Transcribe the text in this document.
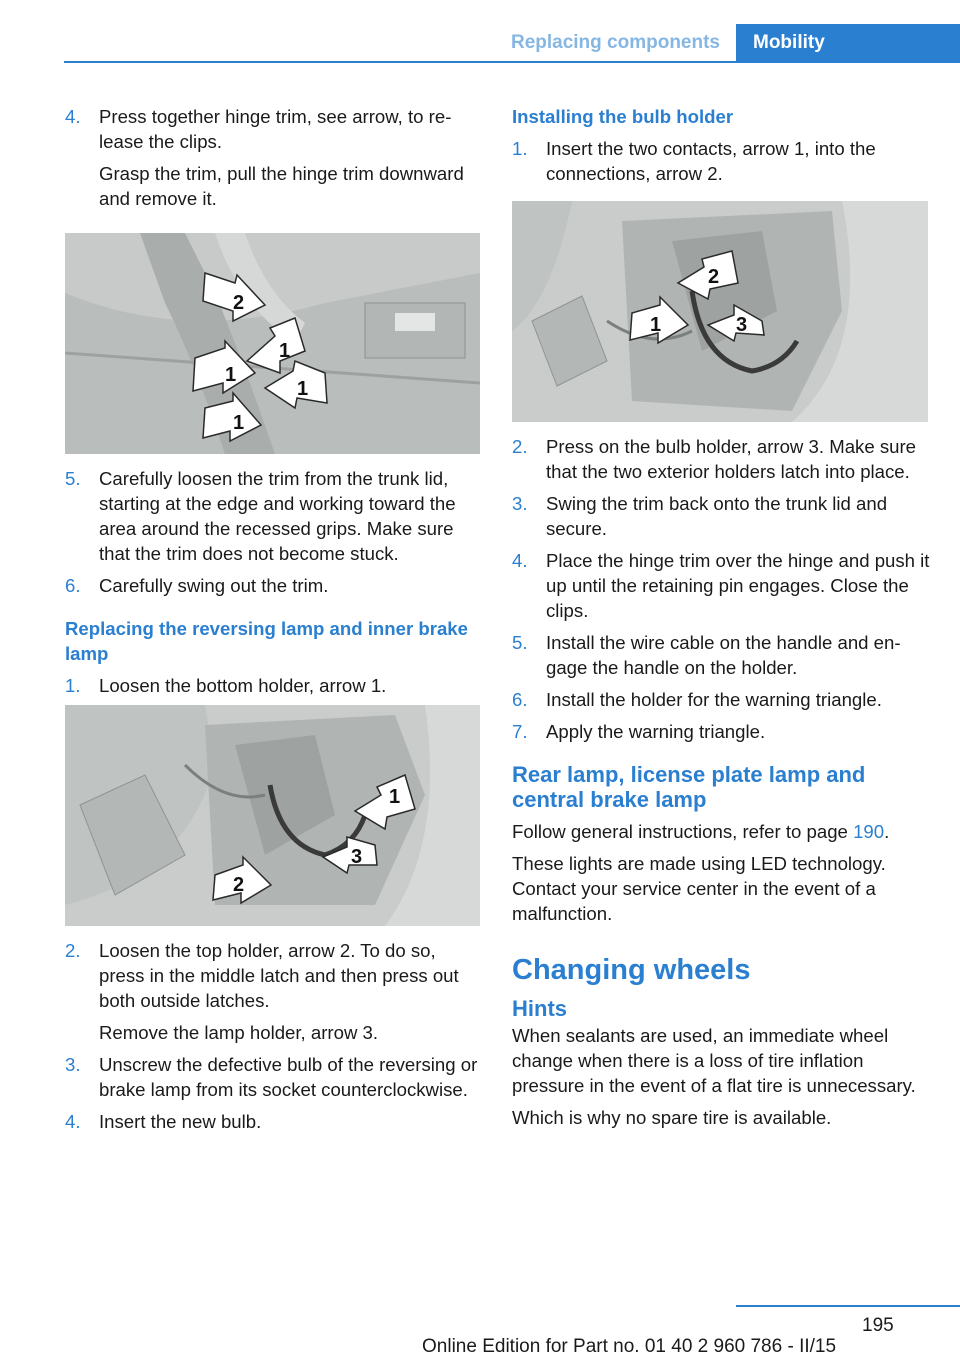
Replacing components	Mobility
4. Press together hinge trim, see arrow, to release the clips.

Grasp the trim, pull the hinge trim downward and remove it.

2
1
1
1
1
5. Carefully loosen the trim from the trunk lid, starting at the edge and working toward the area around the recessed grips. Make sure that the trim does not become stuck.
6. Carefully swing out the trim.
Replacing the reversing lamp and inner brake lamp
1. Loosen the bottom holder, arrow 1.
1
2
3
2. Loosen the top holder, arrow 2. To do so, press in the middle latch and then press out both outside latches.

Remove the lamp holder, arrow 3.

3. Unscrew the defective bulb of the reversing or brake lamp from its socket counterclockwise.
4. Insert the new bulb.
Installing the bulb holder
1. Insert the two contacts, arrow 1, into the connections, arrow 2.
2
1	3
2. Press on the bulb holder, arrow 3. Make sure that the two exterior holders latch into place.
3. Swing the trim back onto the trunk lid and secure.
4. Place the hinge trim over the hinge and push it up until the retaining pin engages. Close the clips.
5. Install the wire cable on the handle and engage the handle on the holder.
6. Install the holder for the warning triangle.
7. Apply the warning triangle.
Rear lamp, license plate lamp and central brake lamp

Follow general instructions, refer to page 190.

These lights are made using LED technology. Contact your service center in the event of a malfunction.

Changing wheels
Hints

When sealants are used, an immediate wheel change when there is a loss of tire inflation pressure in the event of a flat tire is unnecessary.

Which is why no spare tire is available.

195
Online Edition for Part no. 01 40 2 960 786 - II/15
